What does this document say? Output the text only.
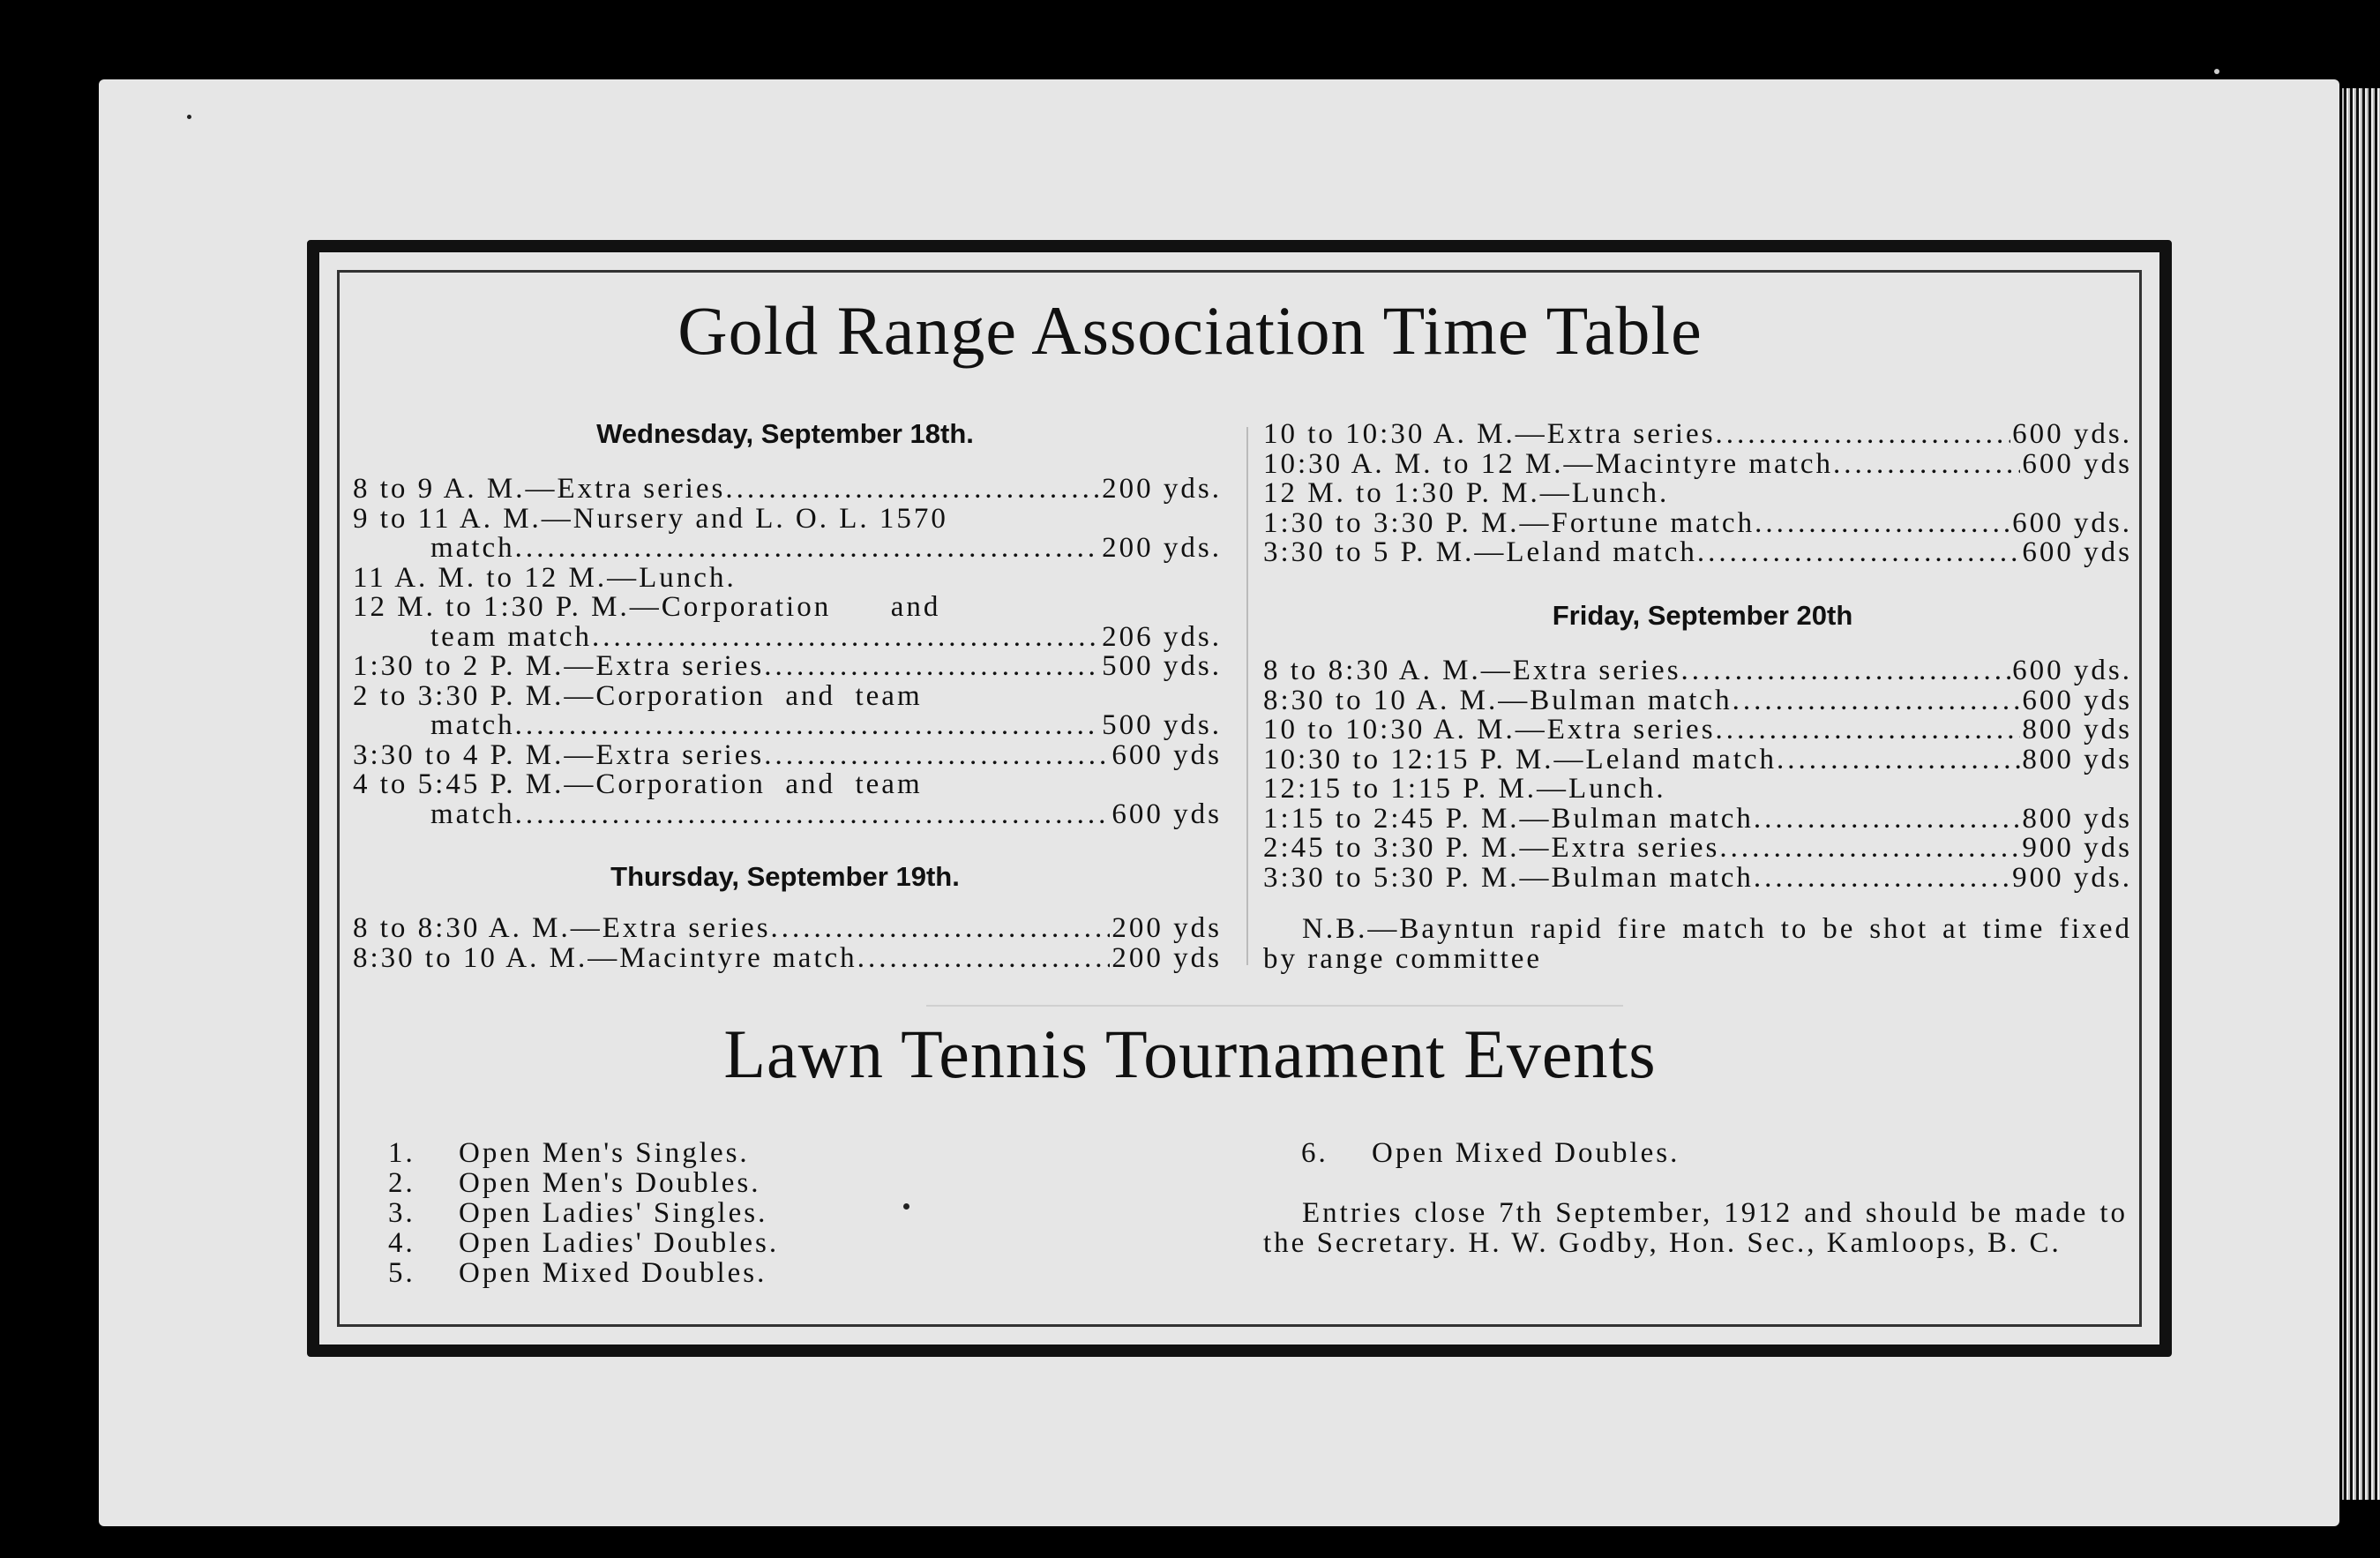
Gold Range Association Time Table
Wednesday, September 18th.
8 to 9 A. M.—Extra series .....	200 yds.
9 to 11 A. M.—Nursery and L. O. L. 1570
match .....	200 yds.
11 A. M. to 12 M.—Lunch.
12 M. to 1:30 P. M.—Corporation      and
team match .....	206 yds.
1:30 to 2 P. M.—Extra series .....	500 yds.
2 to 3:30 P. M.—Corporation  and  team
match .....	500 yds.
3:30 to 4 P. M.—Extra series .....	600 yds
4 to 5:45 P. M.—Corporation  and  team
match .....	600 yds
Thursday, September 19th.
8 to 8:30 A. M.—Extra series .....	200 yds
8:30 to 10 A. M.—Macintyre match .....	200 yds
10 to 10:30 A. M.—Extra series .....	600 yds.
10:30 A. M. to 12 M.—Macintyre match .....	600 yds
12 M. to 1:30 P. M.—Lunch.
1:30 to 3:30 P. M.—Fortune match .....	600 yds.
3:30 to 5 P. M.—Leland match .....	600 yds
Friday, September 20th
8 to 8:30 A. M.—Extra series .....	600 yds.
8:30 to 10 A. M.—Bulman match .....	600 yds
10 to 10:30 A. M.—Extra series .....	800 yds
10:30 to 12:15 P. M.—Leland match .....	800 yds
12:15 to 1:15 P. M.—Lunch.
1:15 to 2:45 P. M.—Bulman match .....	800 yds
2:45 to 3:30 P. M.—Extra series .....	900 yds
3:30 to 5:30 P. M.—Bulman match .....	900 yds.
N.B.—Bayntun rapid fire match to be shot at time fixed by range committee
Lawn Tennis Tournament Events
1. Open Men's Singles.
2. Open Men's Doubles.
3. Open Ladies' Singles.
4. Open Ladies' Doubles.
5. Open Mixed Doubles.
6. Open Mixed Doubles.
Entries close 7th September, 1912 and should be made to the Secretary. H. W. Godby, Hon. Sec., Kamloops, B. C.
